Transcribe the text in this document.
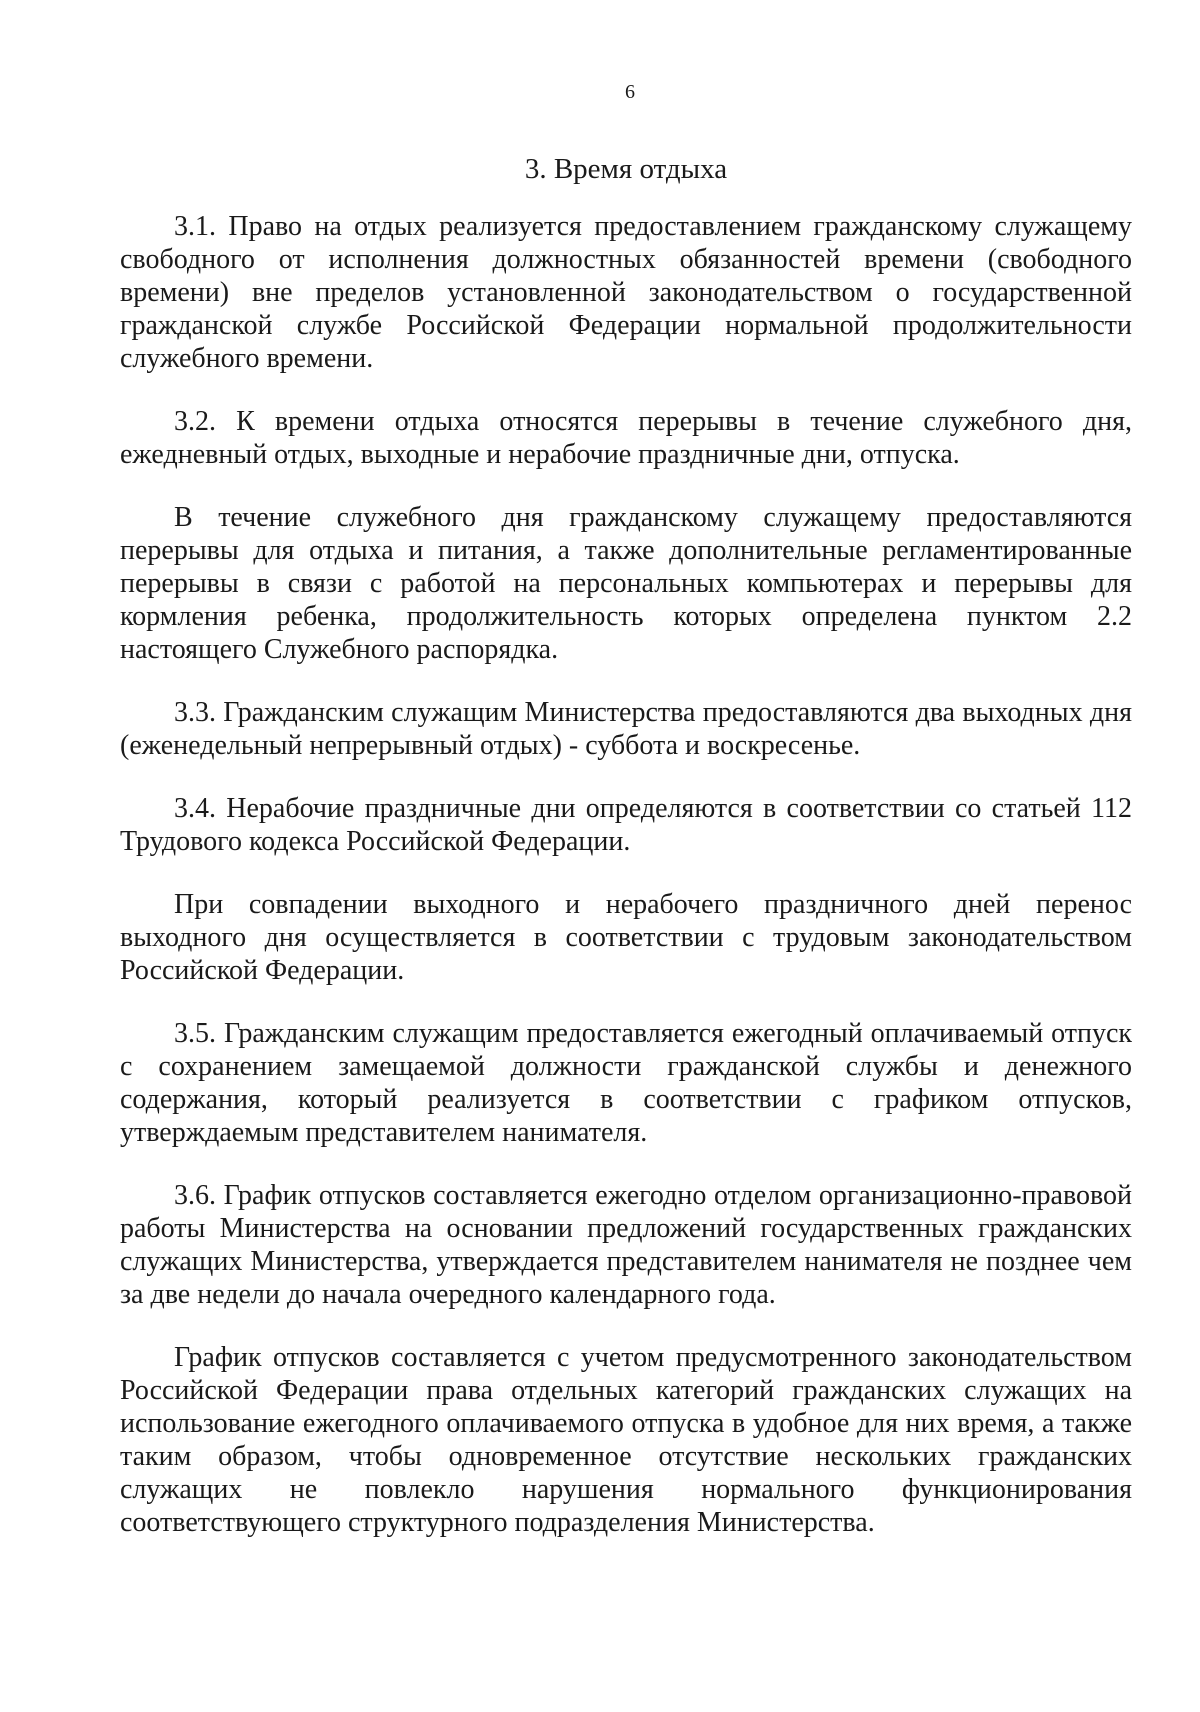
6
3. Время отдыха

3.1. Право на отдых реализуется предоставлением гражданскому служащему свободного от исполнения должностных обязанностей времени (свободного времени) вне пределов установленной законодательством о государственной гражданской службе Российской Федерации нормальной продолжительности служебного времени.

3.2. К времени отдыха относятся перерывы в течение служебного дня, ежедневный отдых, выходные и нерабочие праздничные дни, отпуска.

В течение служебного дня гражданскому служащему предоставляются перерывы для отдыха и питания, а также дополнительные регламентированные перерывы в связи с работой на персональных компьютерах и перерывы для кормления ребенка, продолжительность которых определена пунктом 2.2 настоящего Служебного распорядка.

3.3. Гражданским служащим Министерства предоставляются два выходных дня (еженедельный непрерывный отдых) - суббота и воскресенье.

3.4. Нерабочие праздничные дни определяются в соответствии со статьей 112 Трудового кодекса Российской Федерации.

При совпадении выходного и нерабочего праздничного дней перенос выходного дня осуществляется в соответствии с трудовым законодательством Российской Федерации.

3.5. Гражданским служащим предоставляется ежегодный оплачиваемый отпуск с сохранением замещаемой должности гражданской службы и денежного содержания, который реализуется в соответствии с графиком отпусков, утверждаемым представителем нанимателя.

3.6. График отпусков составляется ежегодно отделом организационно-правовой работы Министерства на основании предложений государственных гражданских служащих Министерства, утверждается представителем нанимателя не позднее чем за две недели до начала очередного календарного года.

График отпусков составляется с учетом предусмотренного законодательством Российской Федерации права отдельных категорий гражданских служащих на использование ежегодного оплачиваемого отпуска в удобное для них время, а также таким образом, чтобы одновременное отсутствие нескольких гражданских служащих не повлекло нарушения нормального функционирования соответствующего структурного подразделения Министерства.
